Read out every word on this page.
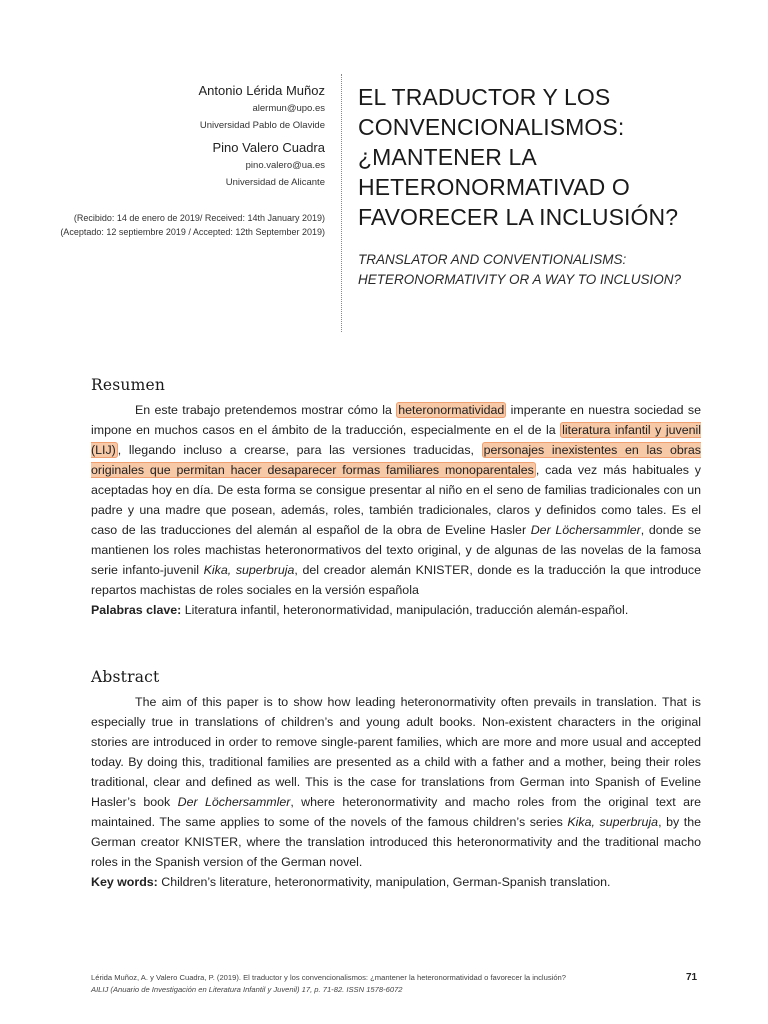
Antonio Lérida Muñoz
alermun@upo.es
Universidad Pablo de Olavide
Pino Valero Cuadra
pino.valero@ua.es
Universidad de Alicante
(Recibido: 14 de enero de 2019/ Received: 14th January 2019)
(Aceptado: 12 septiembre 2019 / Accepted: 12th September 2019)
EL TRADUCTOR Y LOS CONVENCIONALISMOS: ¿MANTENER LA HETERONORMATIVAD O FAVORECER LA INCLUSIÓN?
TRANSLATOR AND CONVENTIONALISMS: HETERONORMATIVITY OR A WAY TO INCLUSION?
Resumen

En este trabajo pretendemos mostrar cómo la heteronormatividad imperante en nuestra sociedad se impone en muchos casos en el ámbito de la traducción, especialmente en el de la literatura infantil y juvenil (LIJ) , llegando incluso a crearse, para las versiones traducidas, personajes inexistentes en las obras originales que permitan hacer desaparecer formas familiares monoparentales , cada vez más habituales y aceptadas hoy en día. De esta forma se consigue presentar al niño en el seno de familias tradicionales con un padre y una madre que posean, además, roles, también tradicionales, claros y definidos como tales. Es el caso de las traducciones del alemán al español de la obra de Eveline Hasler Der Löchersammler, donde se mantienen los roles machistas heteronormativos del texto original, y de algunas de las novelas de la famosa serie infanto-juvenil Kika, superbruja, del creador alemán KNISTER, donde es la traducción la que introduce repartos machistas de roles sociales en la versión española

Palabras clave: Literatura infantil, heteronormatividad, manipulación, traducción alemán-español.

Abstract

The aim of this paper is to show how leading heteronormativity often prevails in translation. That is especially true in translations of children’s and young adult books. Non-existent characters in the original stories are introduced in order to remove single-parent families, which are more and more usual and accepted today. By doing this, traditional families are presented as a child with a father and a mother, being their roles traditional, clear and defined as well. This is the case for translations from German into Spanish of Eveline Hasler’s book Der Löchersammler, where heteronormativity and macho roles from the original text are maintained. The same applies to some of the novels of the famous children’s series Kika, superbruja, by the German creator KNISTER, where the translation introduced this heteronormativity and the traditional macho roles in the Spanish version of the German novel.

Key words: Children’s literature, heteronormativity, manipulation, German-Spanish translation.

Lérida Muñoz, A. y Valero Cuadra, P. (2019). El traductor y los convencionalismos: ¿mantener la heteronormatividad o favorecer la inclusión?
AILIJ (Anuario de Investigación en Literatura Infantil y Juvenil) 17, p. 71-82. ISSN 1578-6072
71
